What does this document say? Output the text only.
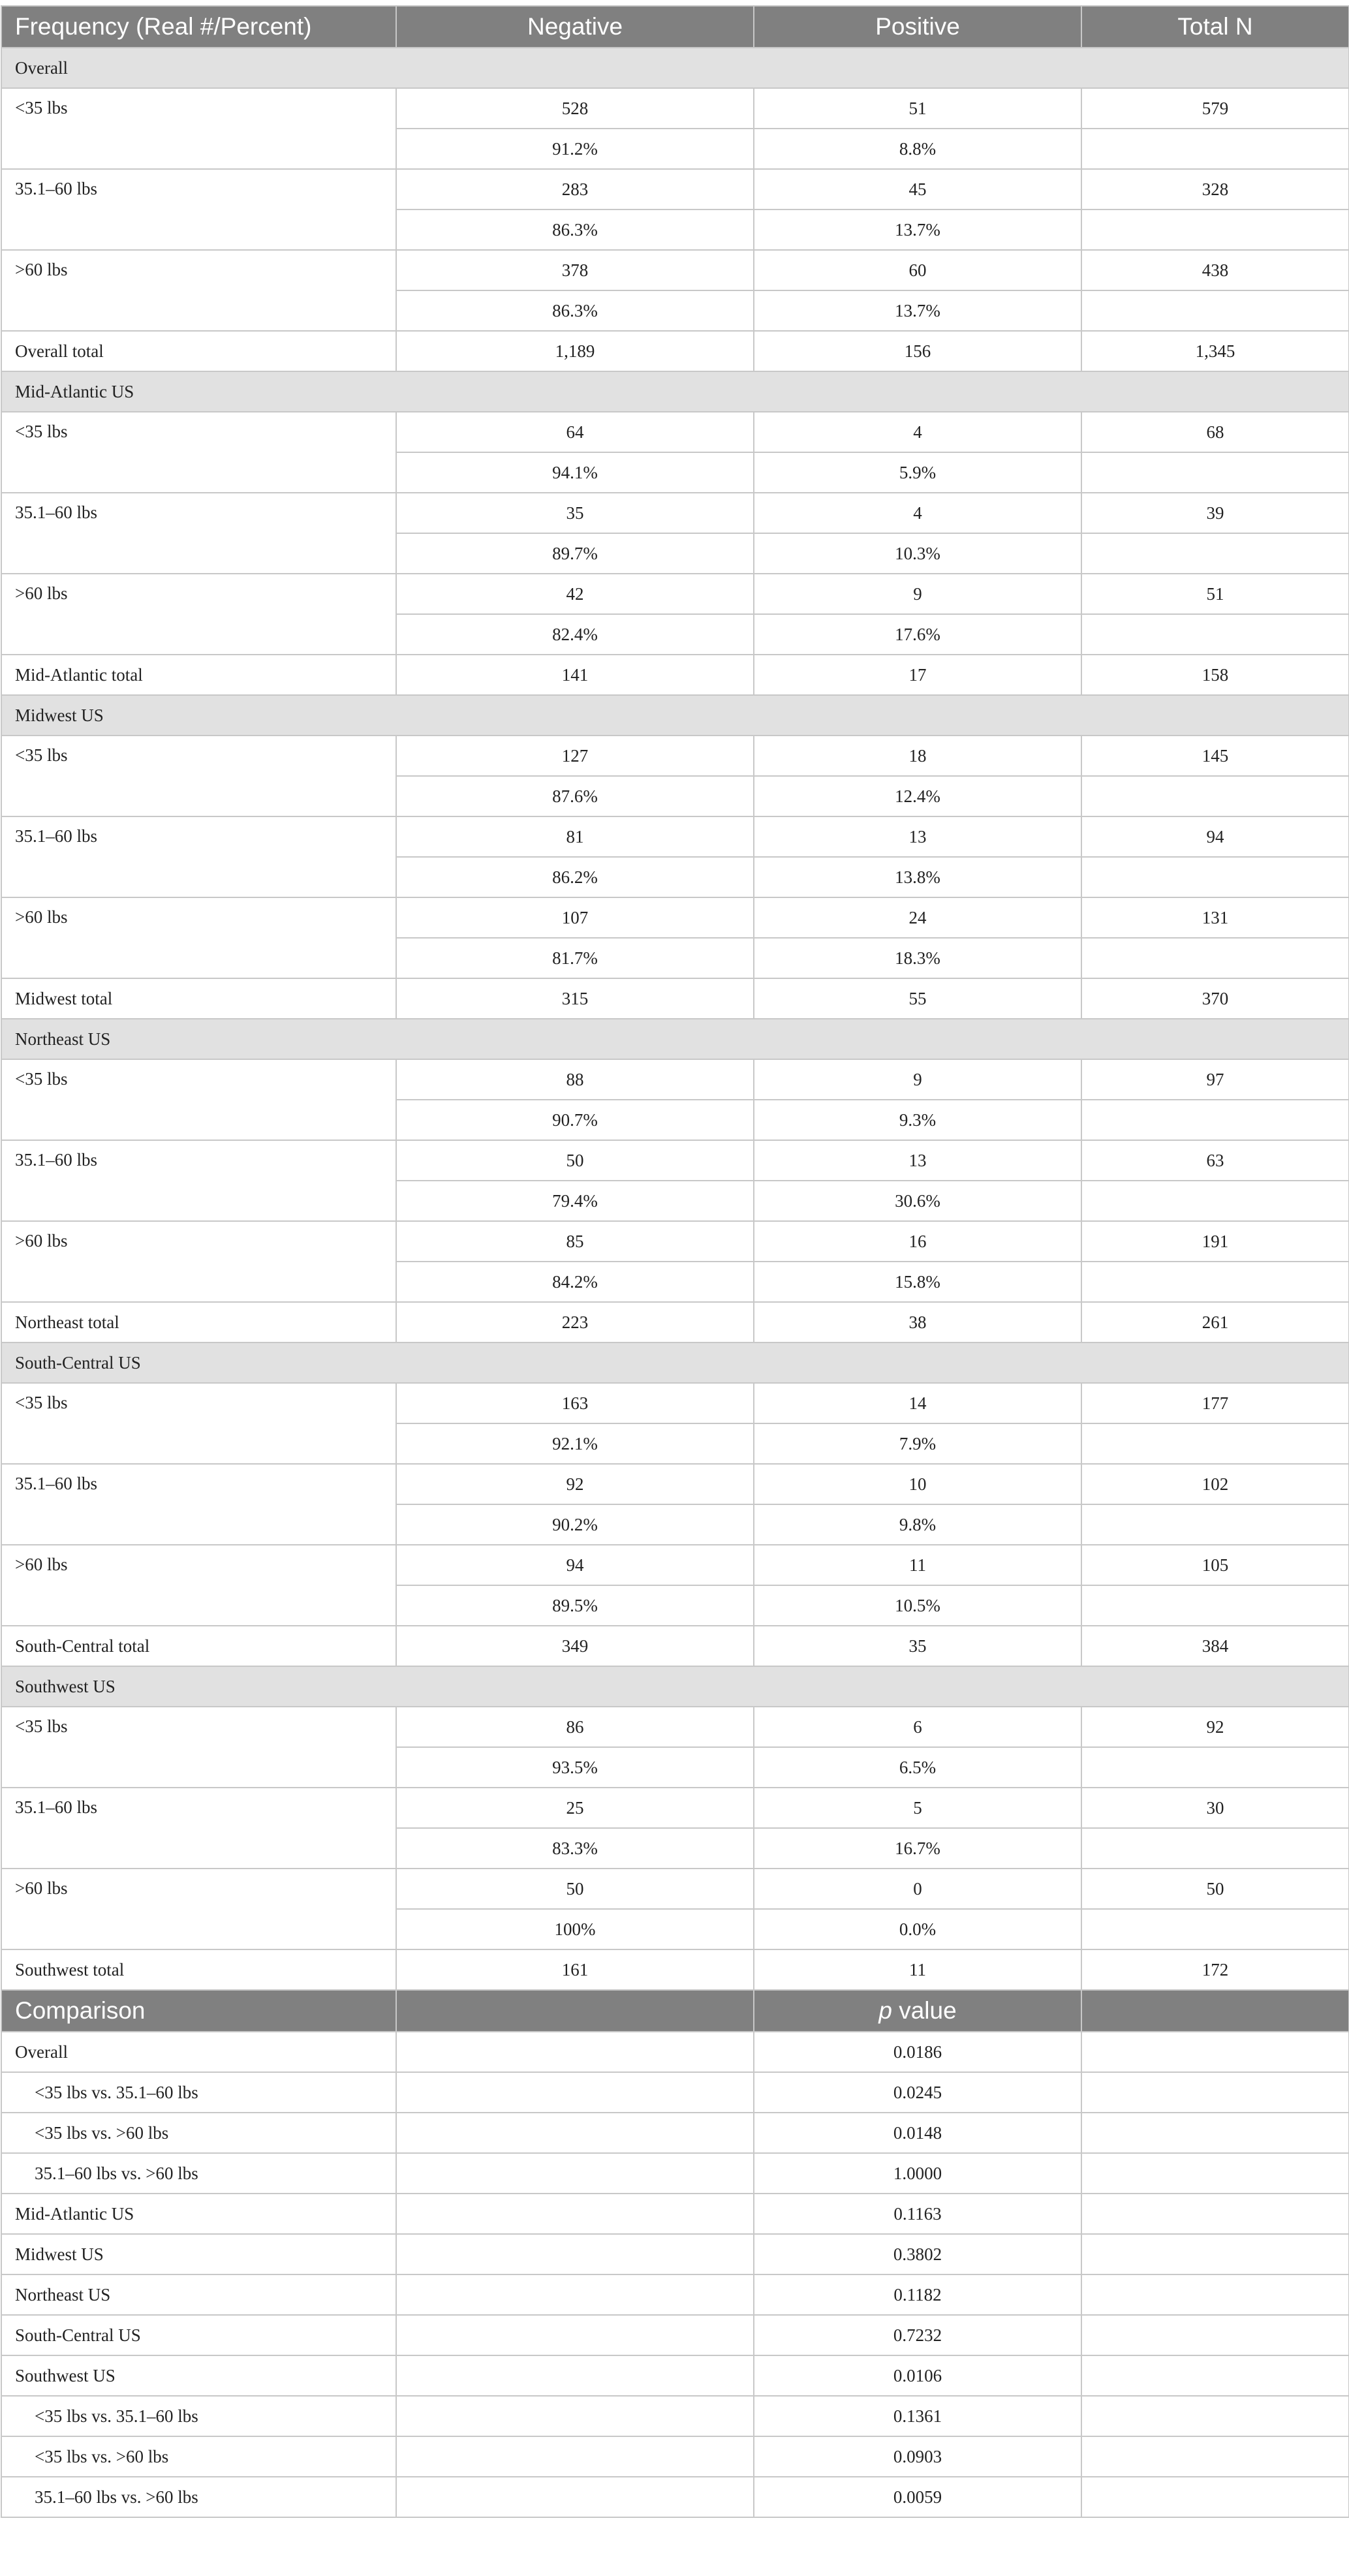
Frequency (Real #/Percent)	Negative	Positive	Total N
Overall			
<35 lbs	528	51	579
	91.2%	8.8%	
35.1–60 lbs	283	45	328
	86.3%	13.7%	
>60 lbs	378	60	438
	86.3%	13.7%	
Overall total	1,189	156	1,345
Mid-Atlantic US			
<35 lbs	64	4	68
	94.1%	5.9%	
35.1–60 lbs	35	4	39
	89.7%	10.3%	
>60 lbs	42	9	51
	82.4%	17.6%	
Mid-Atlantic total	141	17	158
Midwest US			
<35 lbs	127	18	145
	87.6%	12.4%	
35.1–60 lbs	81	13	94
	86.2%	13.8%	
>60 lbs	107	24	131
	81.7%	18.3%	
Midwest total	315	55	370
Northeast US			
<35 lbs	88	9	97
	90.7%	9.3%	
35.1–60 lbs	50	13	63
	79.4%	30.6%	
>60 lbs	85	16	191
	84.2%	15.8%	
Northeast total	223	38	261
South-Central US			
<35 lbs	163	14	177
	92.1%	7.9%	
35.1–60 lbs	92	10	102
	90.2%	9.8%	
>60 lbs	94	11	105
	89.5%	10.5%	
South-Central total	349	35	384
Southwest US			
<35 lbs	86	6	92
	93.5%	6.5%	
35.1–60 lbs	25	5	30
	83.3%	16.7%	
>60 lbs	50	0	50
	100%	0.0%	
Southwest total	161	11	172
Comparison		p value	
Overall		0.0186	
<35 lbs vs. 35.1–60 lbs		0.0245	
<35 lbs vs. >60 lbs		0.0148	
35.1–60 lbs vs. >60 lbs		1.0000	
Mid-Atlantic US		0.1163	
Midwest US		0.3802	
Northeast US		0.1182	
South-Central US		0.7232	
Southwest US		0.0106	
<35 lbs vs. 35.1–60 lbs		0.1361	
<35 lbs vs. >60 lbs		0.0903	
35.1–60 lbs vs. >60 lbs		0.0059	
